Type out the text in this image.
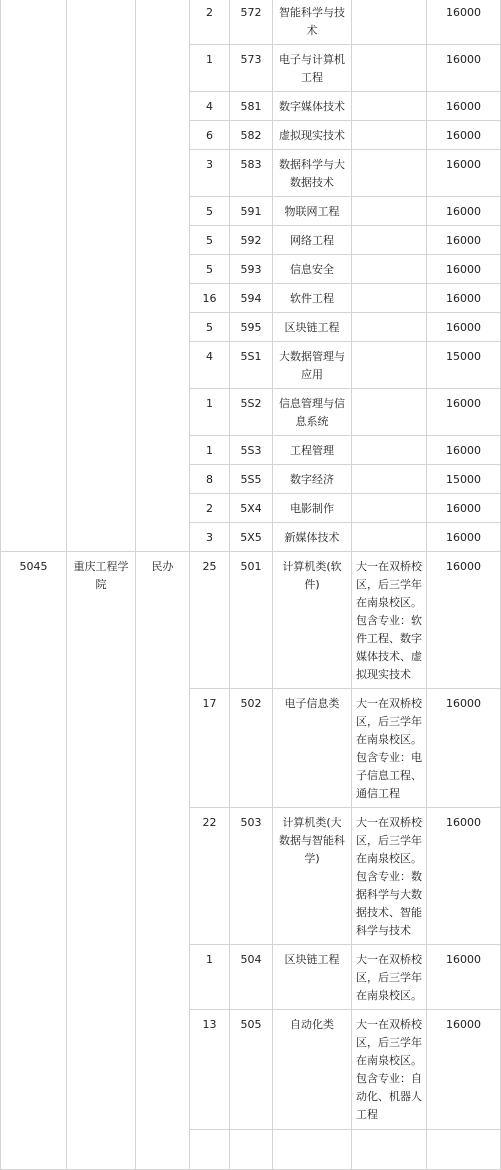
			2	572	智能科学与技术		16000
			1	573	电子与计算机工程		16000
			4	581	数字媒体技术		16000
			6	582	虚拟现实技术		16000
			3	583	数据科学与大数据技术		16000
			5	591	物联网工程		16000
			5	592	网络工程		16000
			5	593	信息安全		16000
			16	594	软件工程		16000
			5	595	区块链工程		16000
			4	5S1	大数据管理与应用		15000
			1	5S2	信息管理与信息系统		16000
			1	5S3	工程管理		16000
			8	5S5	数字经济		15000
			2	5X4	电影制作		16000
			3	5X5	新媒体技术		16000
5045	重庆工程学院	民办	25	501	计算机类(软件)	大一在双桥校区，后三学年在南泉校区。包含专业：软件工程、数字媒体技术、虚拟现实技术	16000
			17	502	电子信息类	大一在双桥校区，后三学年在南泉校区。包含专业：电子信息工程、通信工程	16000
			22	503	计算机类(大数据与智能科学)	大一在双桥校区，后三学年在南泉校区。包含专业：数据科学与大数据技术、智能科学与技术	16000
			1	504	区块链工程	大一在双桥校区，后三学年在南泉校区。	16000
			13	505	自动化类	大一在双桥校区，后三学年在南泉校区。包含专业：自动化、机器人工程	16000
